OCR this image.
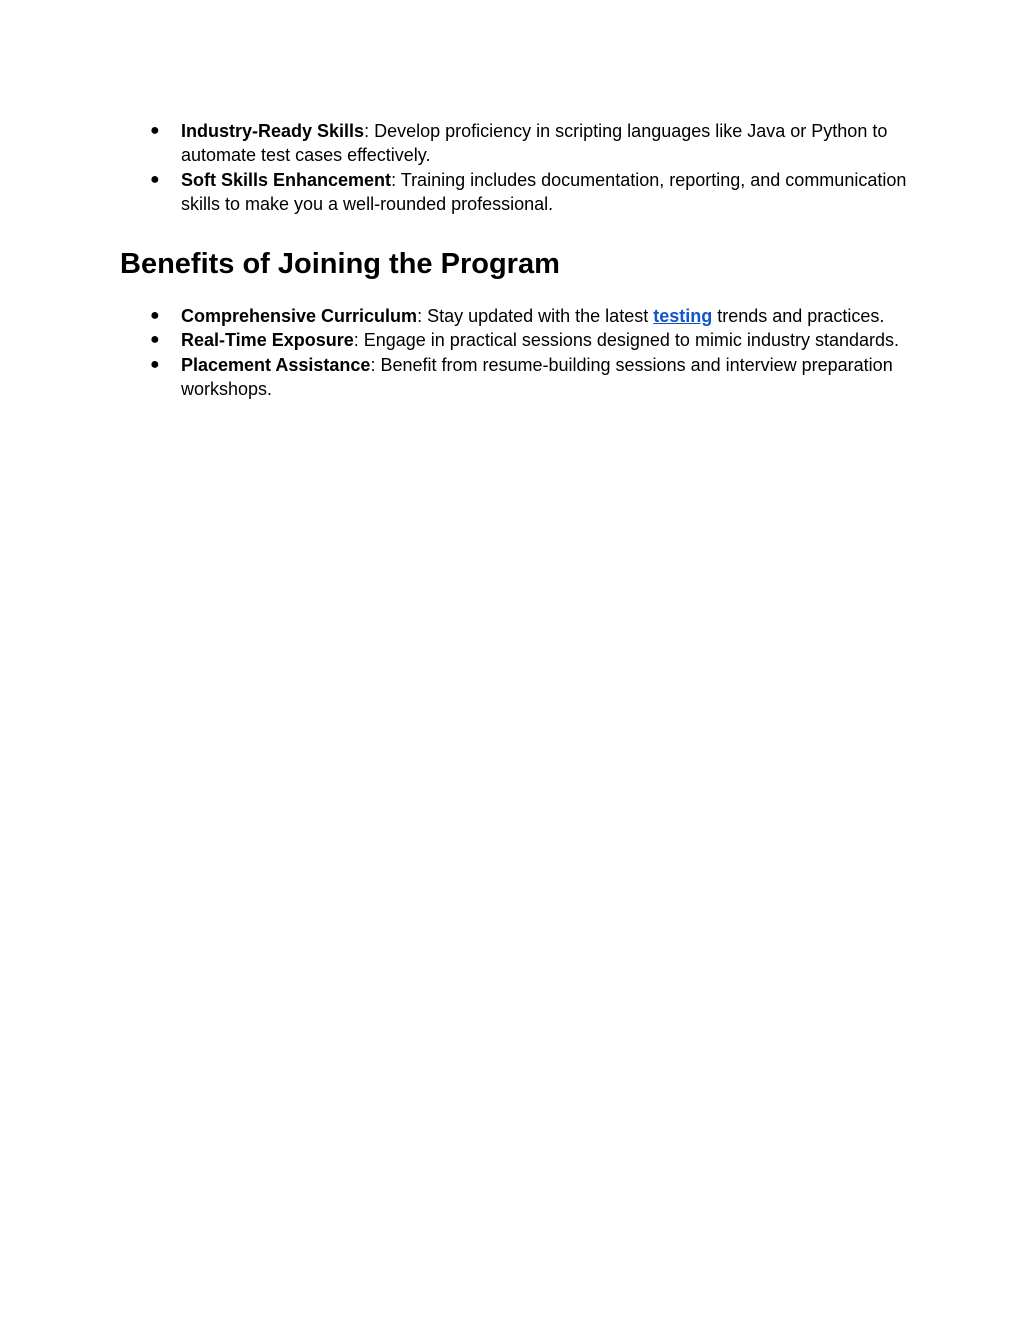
● Industry-Ready Skills: Develop proficiency in scripting languages like Java or Python to automate test cases effectively.
● Soft Skills Enhancement: Training includes documentation, reporting, and communication skills to make you a well-rounded professional.
Benefits of Joining the Program
● Comprehensive Curriculum: Stay updated with the latest testing trends and practices.
● Real-Time Exposure: Engage in practical sessions designed to mimic industry standards.
● Placement Assistance: Benefit from resume-building sessions and interview preparation workshops.
